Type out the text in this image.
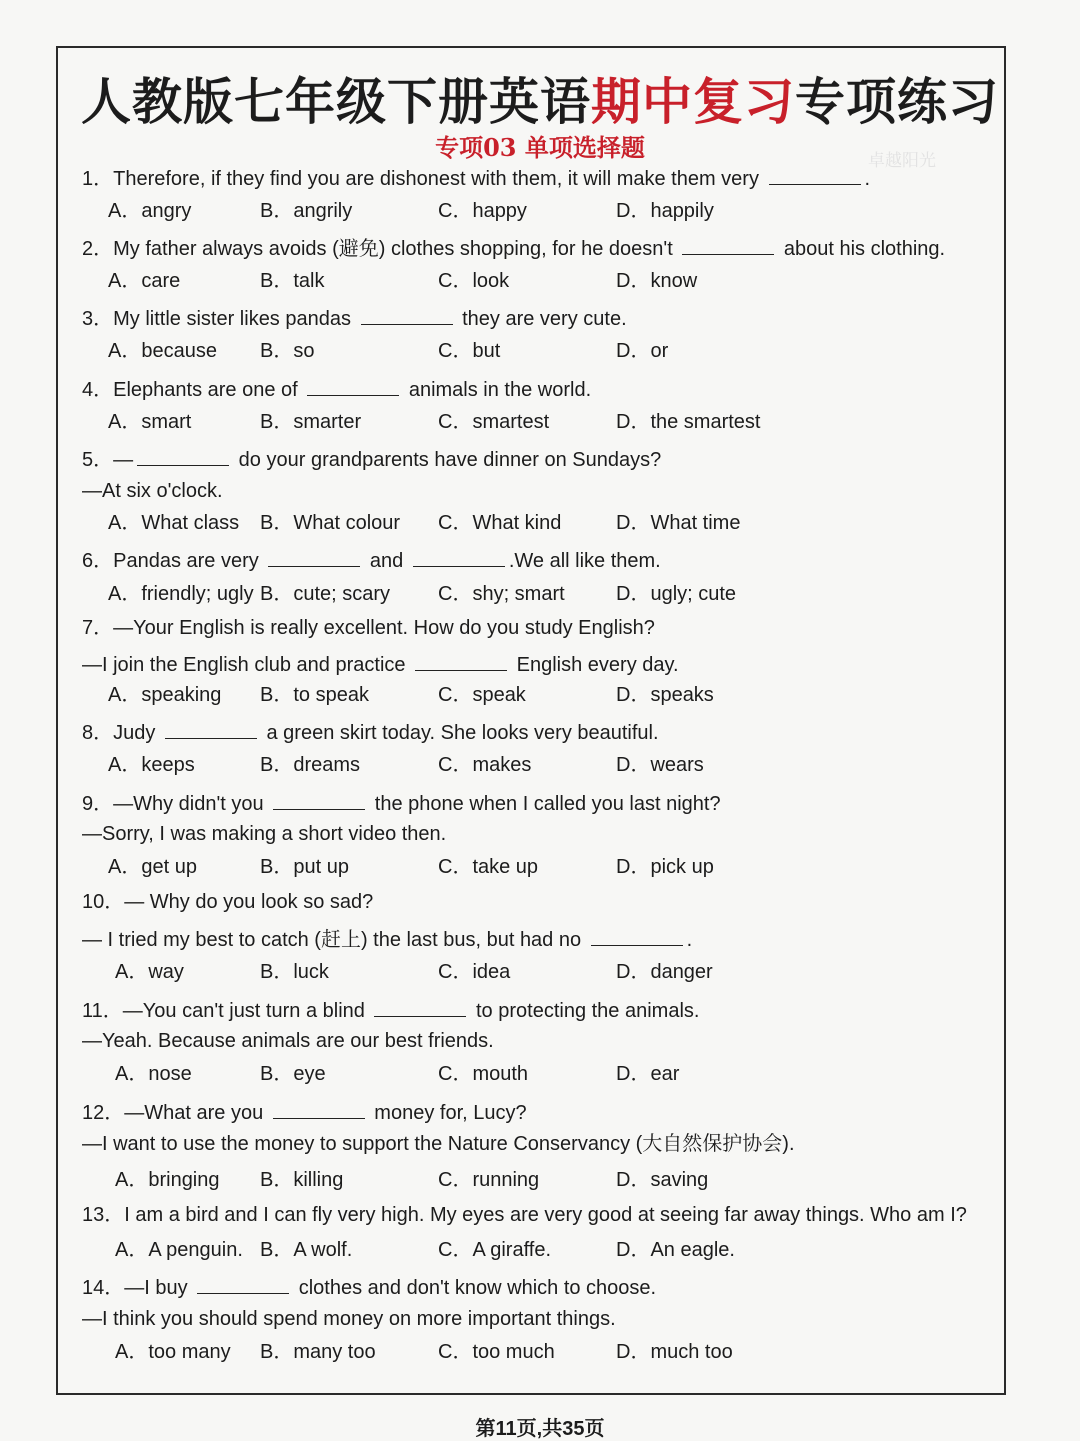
人教版七年级下册英语期中复习专项练习
专项03 单项选择题	卓越阳光
1．Therefore, if they find you are dishonest with them, it will make them very	.
A．angry	B．angrily	C．happy	D．happily
2．My father always avoids (避免) clothes shopping, for he doesn't	about his clothing.
A．care	B．talk	C．look	D．know
3．My little sister likes pandas	they are very cute.
A．because B．so	C．but	D．or
4．Elephants are one of	animals in the world.
A．smart	B．smarter	C．smartest	D．the smartest
5．—	do your grandparents have dinner on Sundays?
—At six o'clock.
A．What class B．What colour C．What kind	D．What time
6．Pandas are very	and	.We all like them.
A．friendly; ugly B．cute; scary C．shy; smart	D．ugly; cute
7．—Your English is really excellent. How do you study English?
—I join the English club and practice	English every day.
A．speaking B．to speak	C．speak	D．speaks
8．Judy	a green skirt today. She looks very beautiful.
A．keeps	B．dreams	C．makes	D．wears
9．—Why didn't you	the phone when I called you last night?
—Sorry, I was making a short video then.
A．get up	B．put up	C．take up	D．pick up
10．— Why do you look so sad?
— I tried my best to catch (赶上) the last bus, but had no	.
A．way	B．luck	C．idea	D．danger
11．—You can't just turn a blind	to protecting the animals.
—Yeah. Because animals are our best friends.
A．nose	B．eye	C．mouth	D．ear
12．—What are you	money for, Lucy?
—I want to use the money to support the Nature Conservancy (大自然保护协会).
A．bringing B．killing	C．running	D．saving
13．I am a bird and I can fly very high. My eyes are very good at seeing far away things. Who am I?
A．A penguin. B．A wolf.	C．A giraffe.	D．An eagle.
14．—I buy	clothes and don't know which to choose.
—I think you should spend money on more important things.
A．too many B．many too	C．too much	D．much too
第11页,共35页
